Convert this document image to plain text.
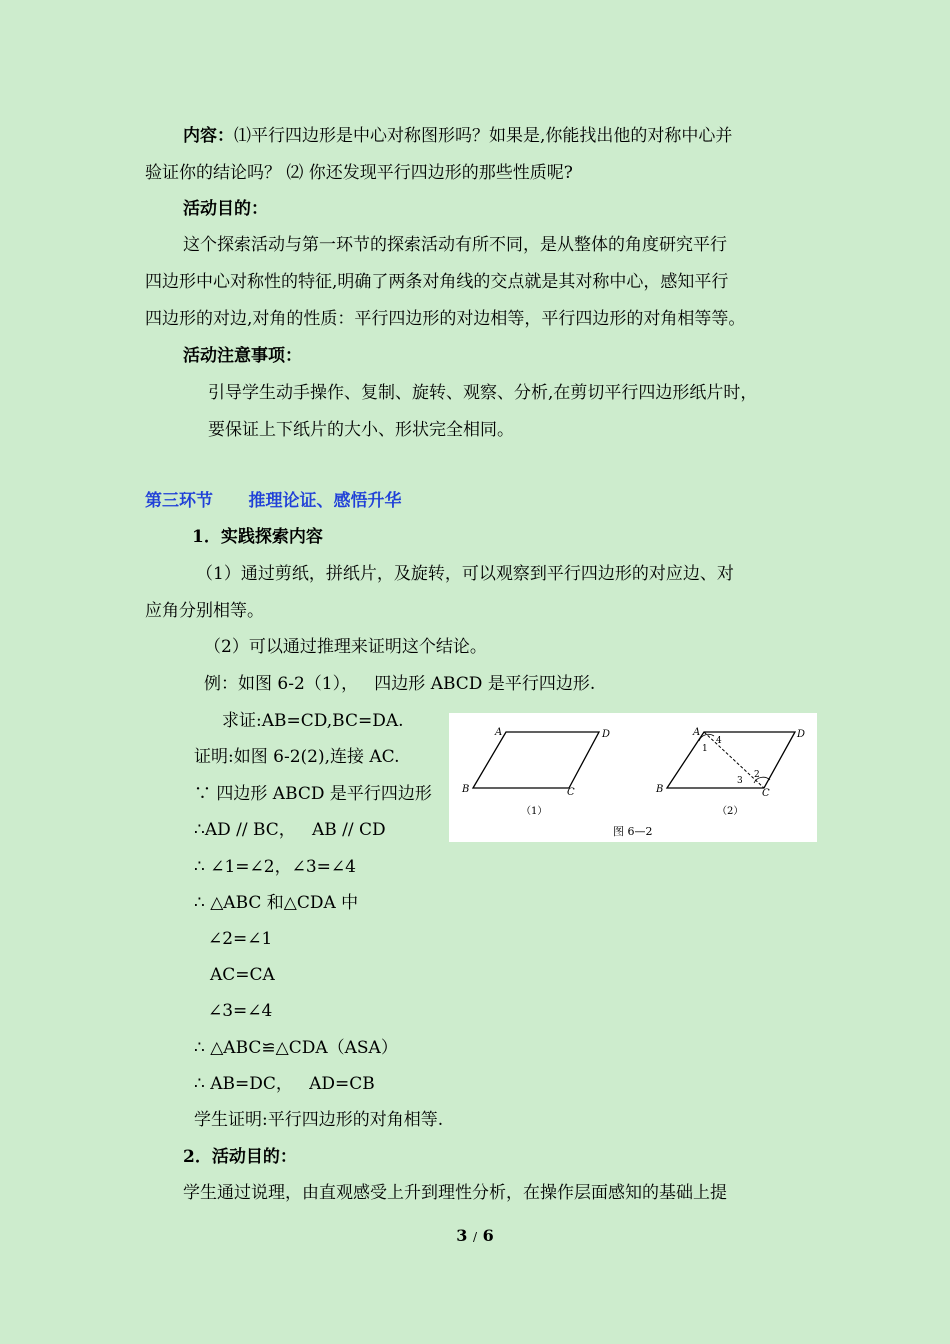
内容：⑴平行四边形是中心对称图形吗？如果是,你能找出他的对称中心并
验证你的结论吗？ ⑵ 你还发现平行四边形的那些性质呢?
活动目的：
这个探索活动与第一环节的探索活动有所不同，是从整体的角度研究平行
四边形中心对称性的特征,明确了两条对角线的交点就是其对称中心，感知平行
四边形的对边,对角的性质：平行四边形的对边相等，平行四边形的对角相等等。
活动注意事项：
引导学生动手操作、复制、旋转、观察、分析,在剪切平行四边形纸片时，
要保证上下纸片的大小、形状完全相同。
第三环节      推理论证、感悟升华
1．实践探索内容
（1）通过剪纸，拼纸片，及旋转，可以观察到平行四边形的对应边、对
应角分别相等。
（2）可以通过推理来证明这个结论。
例：如图 6-2（1），   四边形 ABCD 是平行四边形.
求证:AB=CD,BC=DA.
证明:如图 6-2(2),连接 AC.
∵ 四边形 ABCD 是平行四边形
∴AD // BC，   AB // CD
∴ ∠1=∠2，∠3=∠4
∴ △ABC 和△CDA 中
∠2=∠1
AC=CA
∠3=∠4
∴ △ABC≌△CDA（ASA）
∴ AB=DC，   AD=CB
学生证明:平行四边形的对角相等.
2．活动目的：
学生通过说理，由直观感受上升到理性分析，在操作层面感知的基础上提
A	D
B	C
（1）
A	D
B	C
1
4
3
2
（2）
图 6—2
3 / 6
